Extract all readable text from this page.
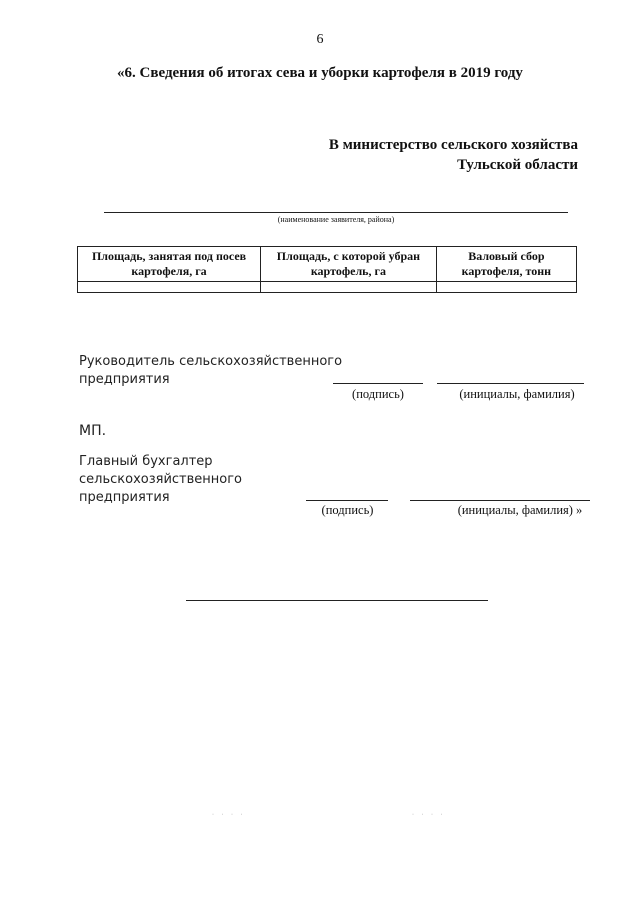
6
«6. Сведения об итогах сева и уборки картофеля в 2019 году
В министерство сельского хозяйства
Тульской области
(наименование заявителя, района)
Площадь, занятая под посев картофеля, га	Площадь, с которой убран картофель, га	Валовый сбор картофеля, тонн

Руководитель сельскохозяйственного
предприятия
(подпись)	(инициалы, фамилия)
МП.
Главный бухгалтер
сельскохозяйственного
предприятия
(подпись)	(инициалы, фамилия) »
· · · ·	· · · ·
